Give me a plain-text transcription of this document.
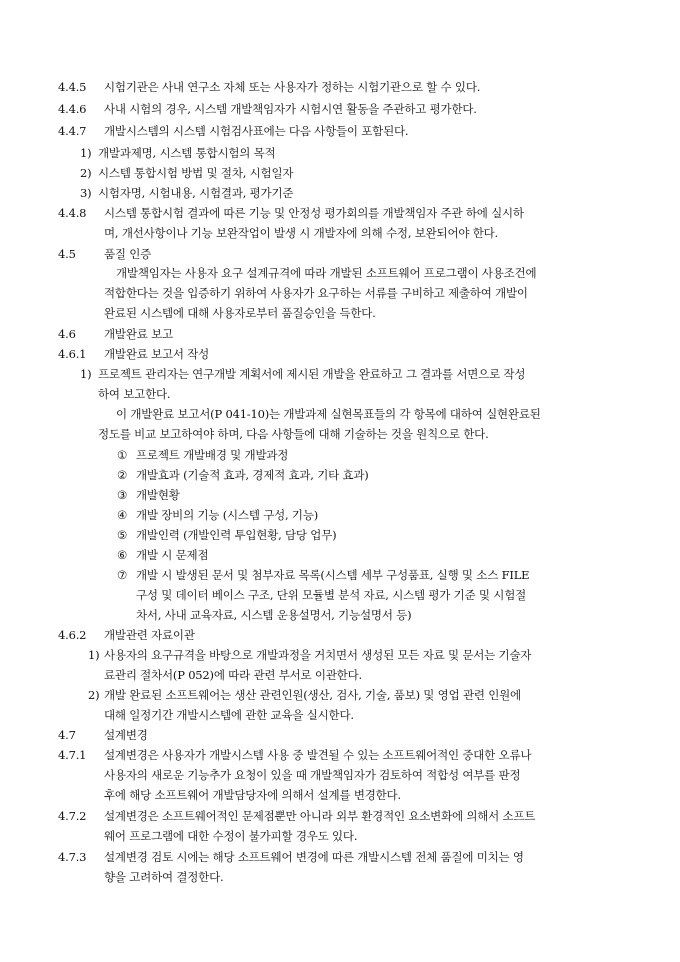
4.4.5 시험기관은 사내 연구소 자체 또는 사용자가 정하는 시험기관으로 할 수 있다.
4.4.6 사내 시험의 경우, 시스템 개발책임자가 시험시연 활동을 주관하고 평가한다.
4.4.7 개발시스템의 시스템 시험검사표에는 다음 사항들이 포함된다.
1) 개발과제명, 시스템 통합시험의 목적
2) 시스템 통합시험 방법 및 절차, 시험일자
3) 시험자명, 시험내용, 시험결과, 평가기준
4.4.8 시스템 통합시험 결과에 따른 기능 및 안정성 평가회의를 개발책임자 주관 하에 실시하
며, 개선사항이나 기능 보완작업이 발생 시 개발자에 의해 수정, 보완되어야 한다.
4.5 품질 인증
개발책임자는 사용자 요구 설계규격에 따라 개발된 소프트웨어 프로그램이 사용조건에
적합한다는 것을 입증하기 위하여 사용자가 요구하는 서류를 구비하고 제출하여 개발이
완료된 시스템에 대해 사용자로부터 품질승인을 득한다.
4.6 개발완료 보고
4.6.1 개발완료 보고서 작성
1) 프로젝트 관리자는 연구개발 계획서에 제시된 개발을 완료하고 그 결과를 서면으로 작성
하여 보고한다.
이 개발완료 보고서(P 041-10)는 개발과제 실현목표들의 각 항목에 대하여 실현완료된
정도를 비교 보고하여야 하며, 다음 사항들에 대해 기술하는 것을 원칙으로 한다.
① 프로젝트 개발배경 및 개발과정
② 개발효과 (기술적 효과, 경제적 효과, 기타 효과)
③ 개발현황
④ 개발 장비의 기능 (시스템 구성, 기능)
⑤ 개발인력 (개발인력 투입현황, 담당 업무)
⑥ 개발 시 문제점
⑦ 개발 시 발생된 문서 및 첨부자료 목록(시스템 세부 구성품표, 실행 및 소스 FILE
구성 및 데이터 베이스 구조, 단위 모듈별 분석 자료, 시스템 평가 기준 및 시험절
차서, 사내 교육자료, 시스템 운용설명서, 기능설명서 등)
4.6.2 개발관련 자료이관
1) 사용자의 요구규격을 바탕으로 개발과정을 거치면서 생성된 모든 자료 및 문서는 기술자
료관리 절차서(P 052)에 따라 관련 부서로 이관한다.
2) 개발 완료된 소프트웨어는 생산 관련인원(생산, 검사, 기술, 품보) 및 영업 관련 인원에
대해 일정기간 개발시스템에 관한 교육을 실시한다.
4.7 설계변경
4.7.1 설계변경은 사용자가 개발시스템 사용 중 발견될 수 있는 소프트웨어적인 중대한 오류나
사용자의 새로운 기능추가 요청이 있을 때 개발책임자가 검토하여 적합성 여부를 판정
후에 해당 소프트웨어 개발담당자에 의해서 설계를 변경한다.
4.7.2 설계변경은 소프트웨어적인 문제점뿐만 아니라 외부 환경적인 요소변화에 의해서 소프트
웨어 프로그램에 대한 수정이 불가피할 경우도 있다.
4.7.3 설계변경 검토 시에는 해당 소프트웨어 변경에 따른 개발시스템 전체 품질에 미치는 영
향을 고려하여 결정한다.
